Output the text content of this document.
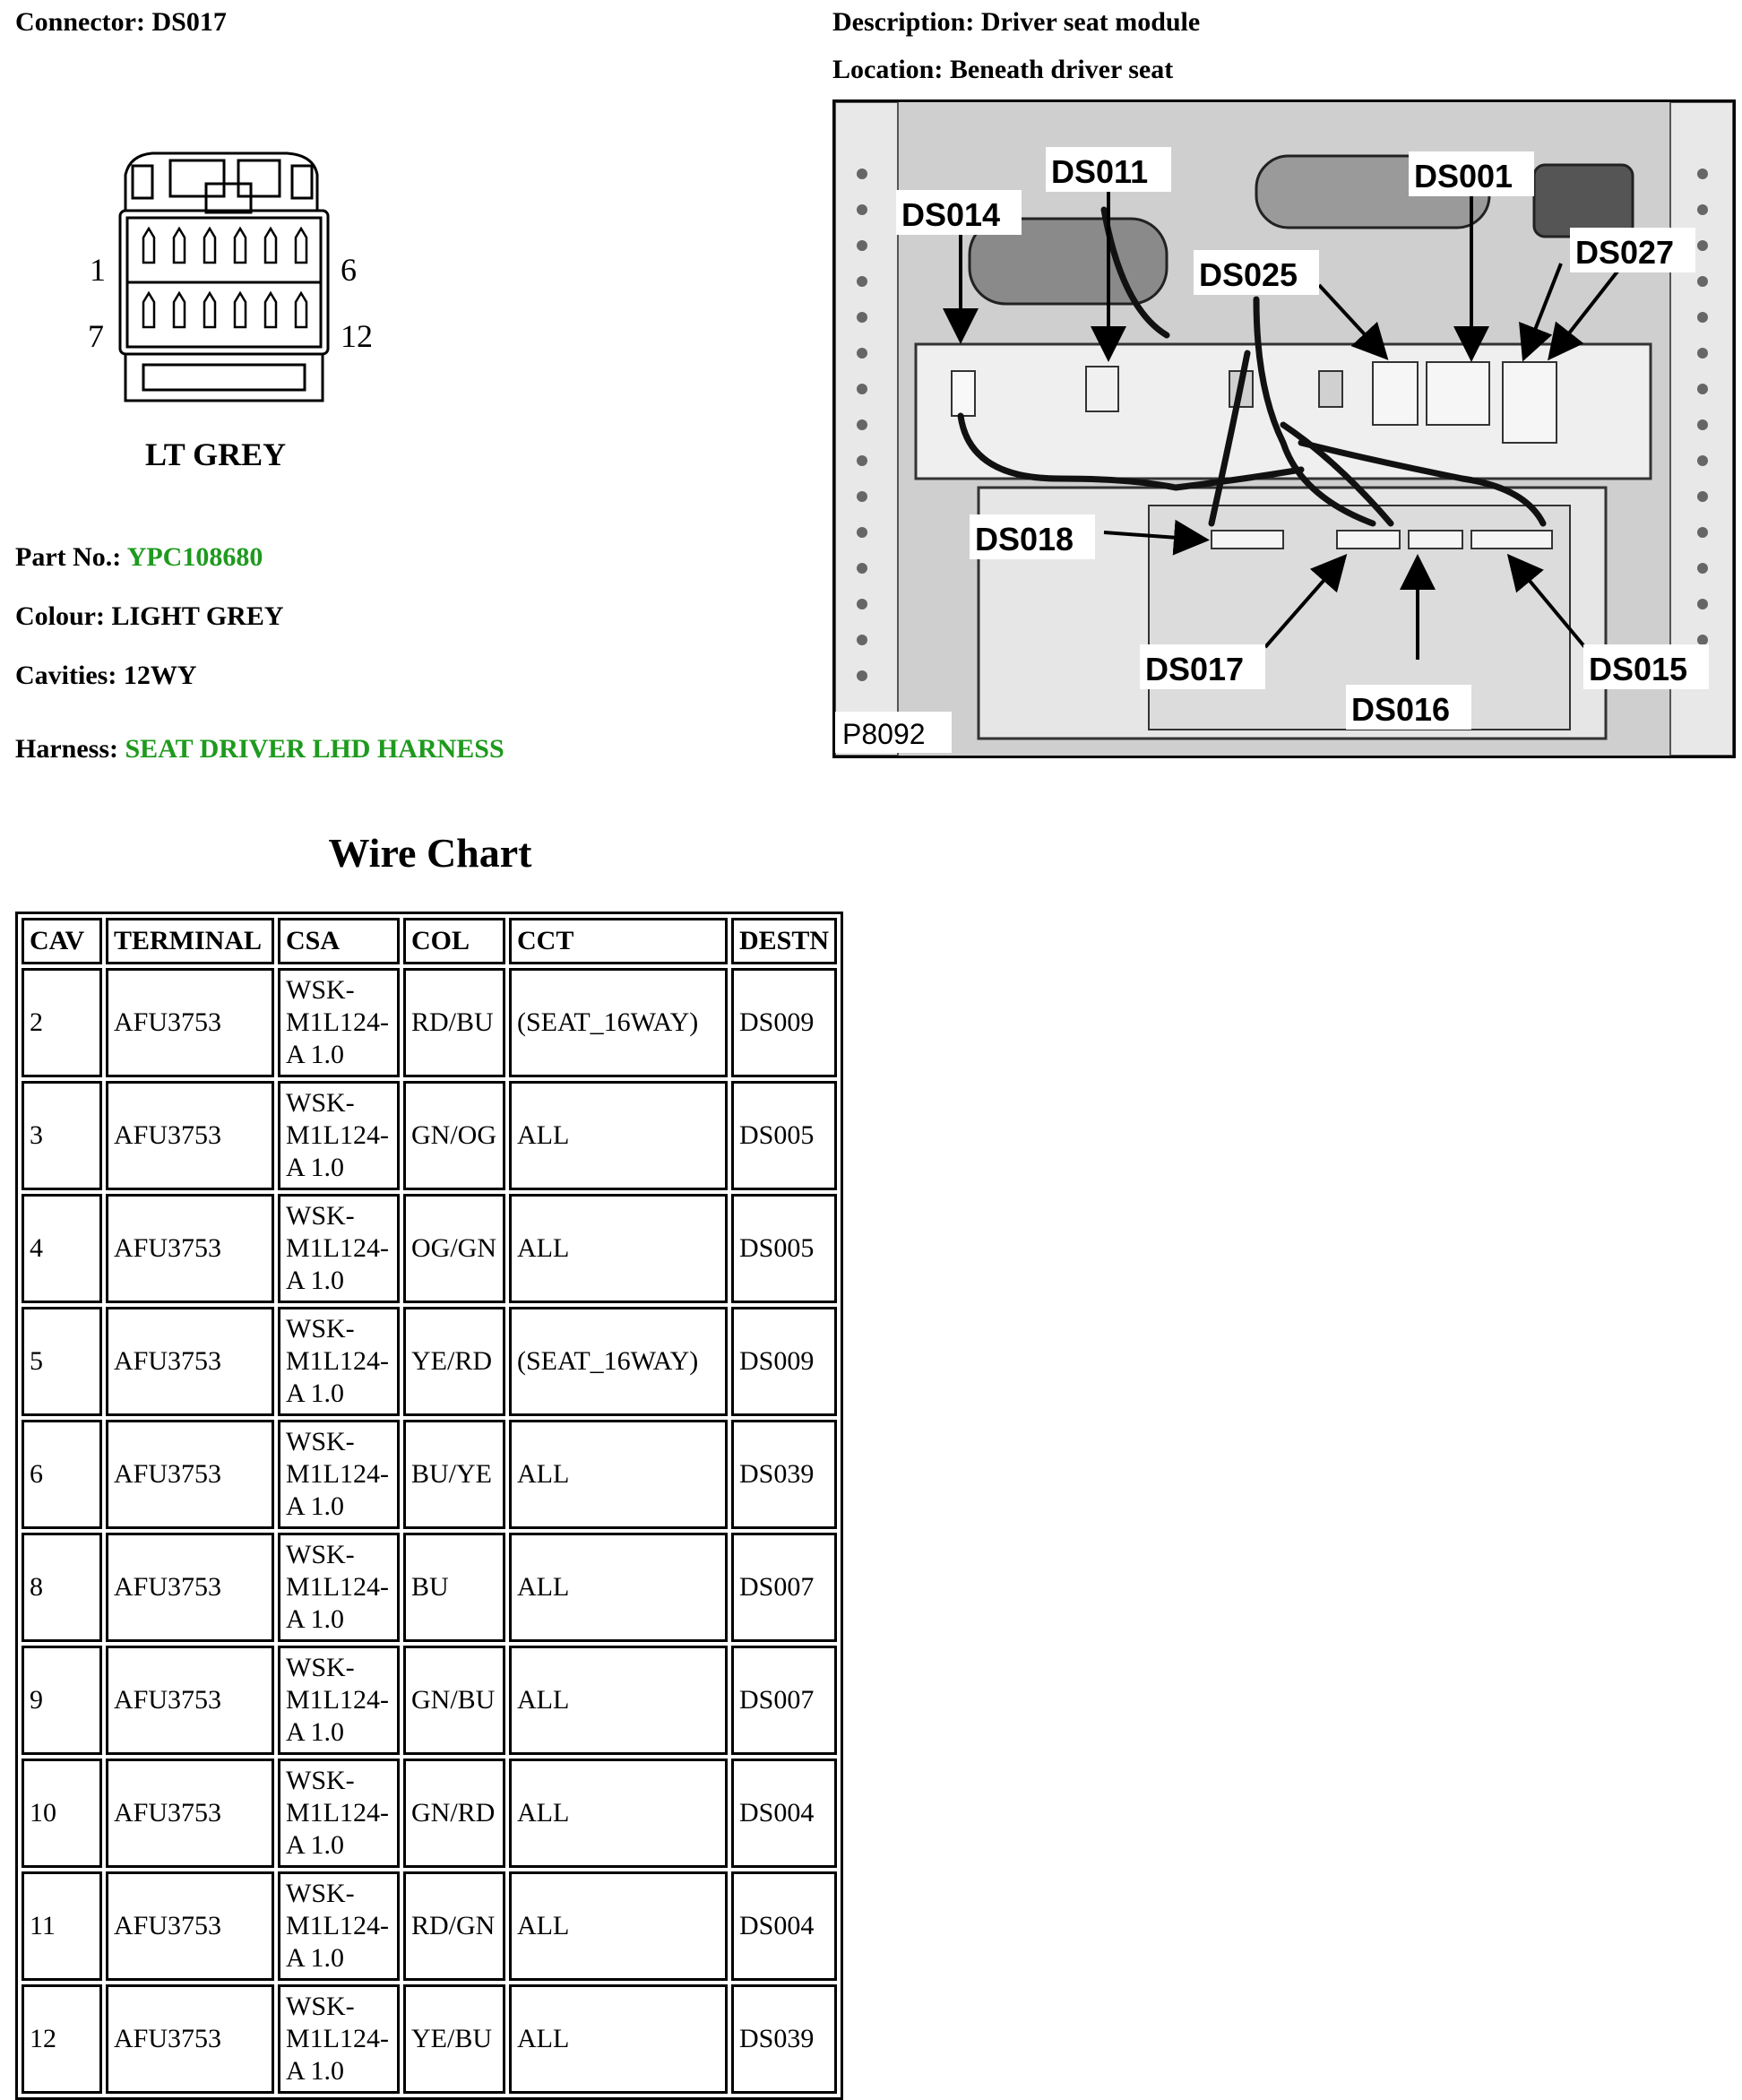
Connector: DS017	Description: Driver seat module
Location: Beneath driver seat
1	6
7	12
LT GREY
Part No.: YPC108680
Colour: LIGHT GREY
Cavities: 12WY
Harness: SEAT DRIVER LHD HARNESS
DS014
DS011
DS025
DS001
DS027
DS018
DS017
DS016
DS015
P8092
Wire Chart
CAV	TERMINAL	CSA	COL	CCT	DESTN
2	AFU3753	WSK-
M1L124-
A 1.0	RD/BU	(SEAT_16WAY)	DS009
3	AFU3753	WSK-
M1L124-
A 1.0	GN/OG	ALL	DS005
4	AFU3753	WSK-
M1L124-
A 1.0	OG/GN	ALL	DS005
5	AFU3753	WSK-
M1L124-
A 1.0	YE/RD	(SEAT_16WAY)	DS009
6	AFU3753	WSK-
M1L124-
A 1.0	BU/YE	ALL	DS039
8	AFU3753	WSK-
M1L124-
A 1.0	BU	ALL	DS007
9	AFU3753	WSK-
M1L124-
A 1.0	GN/BU	ALL	DS007
10	AFU3753	WSK-
M1L124-
A 1.0	GN/RD	ALL	DS004
11	AFU3753	WSK-
M1L124-
A 1.0	RD/GN	ALL	DS004
12	AFU3753	WSK-
M1L124-
A 1.0	YE/BU	ALL	DS039
